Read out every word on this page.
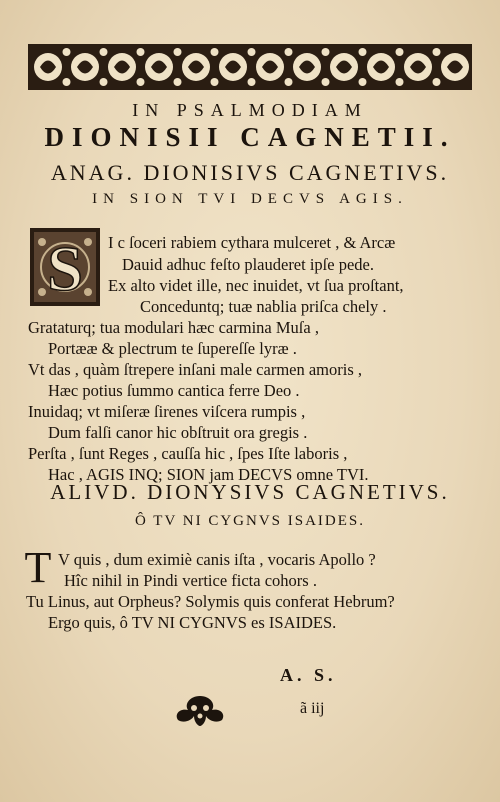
IN PSALMODIAM
DIONISII CAGNETII.
ANAG. DIONISIVS CAGNETIVS.
IN SION TVI DECVS AGIS.
S I c ſoceri rabiem cythara mulceret , & Arcæ
Dauid adhuc feſto plauderet ipſe pede.
Ex alto videt ille, nec inuidet, vt ſua proſtant,
Conceduntq; tuæ nablia priſca chely .
Grataturq; tua modulari hæc carmina Muſa ,
Portææ & plectrum te ſupereſſe lyræ .
Vt das , quàm ſtrepere inſani male carmen amoris ,
Hæc potius ſummo cantica ferre Deo .
Inuidaq; vt miſeræ ſirenes viſcera rumpis ,
Dum falſi canor hic obſtruit ora gregis .
Perſta , ſunt Reges , cauſſa hic , ſpes Iſte laboris ,
Hac , AGIS INQ; SION jam DECVS omne TVI.
ALIVD. DIONYSIVS CAGNETIVS.
Ô TV NI CYGNVS ISAIDES.
T V quis , dum eximiè canis iſta , vocaris Apollo ?
Hîc nihil in Pindi vertice ficta cohors .
Tu Linus, aut Orpheus? Solymis quis conferat Hebrum?
Ergo quis, ô TV NI CYGNVS es ISAIDES.
A. S.
ã iij
